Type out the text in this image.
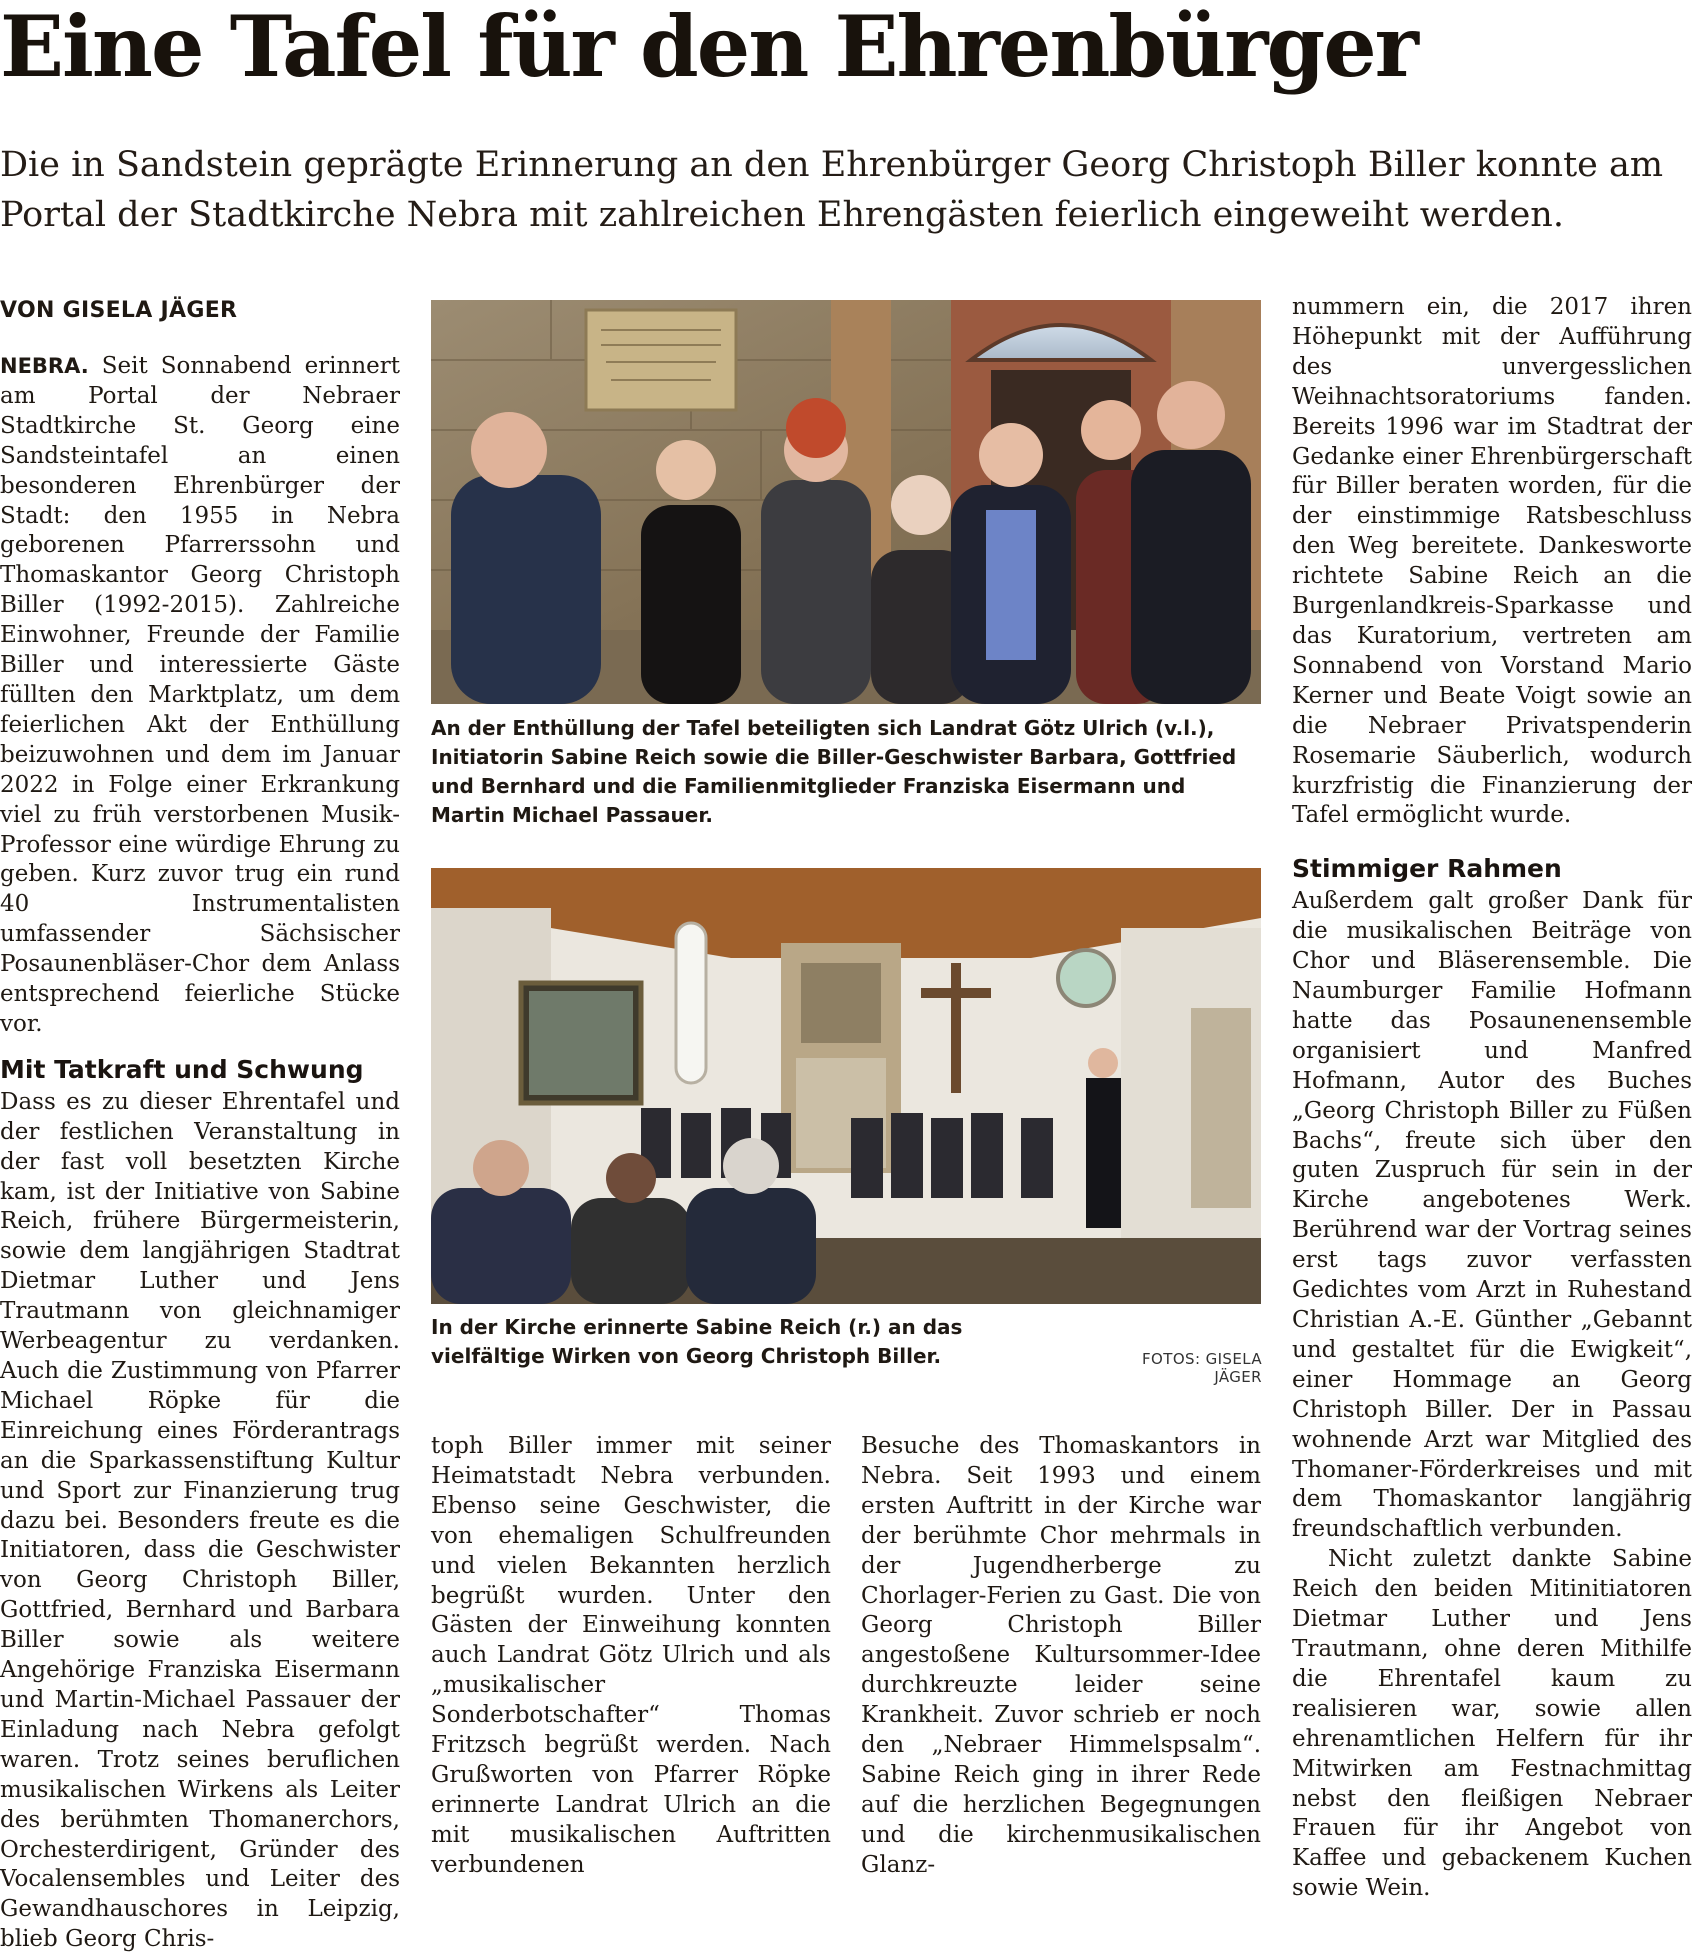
Eine Tafel für den Ehrenbürger

Die in Sandstein geprägte Erinnerung an den Ehrenbürger Georg Christoph Biller konnte am Portal der Stadtkirche Nebra mit zahlreichen Ehrengästen feierlich eingeweiht werden.

VON GISELA JÄGER

NEBRA. Seit Sonnabend erinnert am Portal der Nebraer Stadtkirche St. Georg eine Sandsteintafel an einen besonderen Ehrenbürger der Stadt: den 1955 in Nebra geborenen Pfarrerssohn und Thomaskantor Georg Christoph Biller (1992-2015). Zahlreiche Einwohner, Freunde der Familie Biller und interessierte Gäste füllten den Marktplatz, um dem feierlichen Akt der Enthüllung beizuwohnen und dem im Januar 2022 in Folge einer Erkrankung viel zu früh verstorbenen Musik-Professor eine würdige Ehrung zu geben. Kurz zuvor trug ein rund 40 Instrumentalisten umfassender Sächsischer Posaunenbläser-Chor dem Anlass entsprechend feierliche Stücke vor.

Mit Tatkraft und Schwung

Dass es zu dieser Ehrentafel und der festlichen Veranstaltung in der fast voll besetzten Kirche kam, ist der Initiative von Sabine Reich, frühere Bürgermeisterin, sowie dem langjährigen Stadtrat Dietmar Luther und Jens Trautmann von gleichnamiger Werbeagentur zu verdanken. Auch die Zustimmung von Pfarrer Michael Röpke für die Einreichung eines Förderantrags an die Sparkassenstiftung Kultur und Sport zur Finanzierung trug dazu bei. Besonders freute es die Initiatoren, dass die Geschwister von Georg Christoph Biller, Gottfried, Bernhard und Barbara Biller sowie als weitere Angehörige Franziska Eisermann und Martin-Michael Passauer der Einladung nach Nebra gefolgt waren. Trotz seines beruflichen musikalischen Wirkens als Leiter des berühmten Thomanerchors, Orchesterdirigent, Gründer des Vocalensembles und Leiter des Gewandhauschores in Leipzig, blieb Georg Chris-

An der Enthüllung der Tafel beteiligten sich Landrat Götz Ulrich (v.l.), Initiatorin Sabine Reich sowie die Biller-Geschwister Barbara, Gottfried und Bernhard und die Familienmitglieder Franziska Eisermann und Martin Michael Passauer.

In der Kirche erinnerte Sabine Reich (r.) an das vielfältige Wirken von Georg Christoph Biller.	FOTOS: GISELA JÄGER

toph Biller immer mit seiner Heimatstadt Nebra verbunden. Ebenso seine Geschwister, die von ehemaligen Schulfreunden und vielen Bekannten herzlich begrüßt wurden. Unter den Gästen der Einweihung konnten auch Landrat Götz Ulrich und als „musikalischer Sonderbotschafter“ Thomas Fritzsch begrüßt werden. Nach Grußworten von Pfarrer Röpke erinnerte Landrat Ulrich an die mit musikalischen Auftritten verbundenen

Besuche des Thomaskantors in Nebra. Seit 1993 und einem ersten Auftritt in der Kirche war der berühmte Chor mehrmals in der Jugendherberge zu Chorlager-Ferien zu Gast. Die von Georg Christoph Biller angestoßene Kultursommer-Idee durchkreuzte leider seine Krankheit. Zuvor schrieb er noch den „Nebraer Himmelspsalm“. Sabine Reich ging in ihrer Rede auf die herzlichen Begegnungen und die kirchenmusikalischen Glanz-

nummern ein, die 2017 ihren Höhepunkt mit der Aufführung des unvergesslichen Weihnachtsoratoriums fanden. Bereits 1996 war im Stadtrat der Gedanke einer Ehrenbürgerschaft für Biller beraten worden, für die der einstimmige Ratsbeschluss den Weg bereitete. Dankesworte richtete Sabine Reich an die Burgenlandkreis-Sparkasse und das Kuratorium, vertreten am Sonnabend von Vorstand Mario Kerner und Beate Voigt sowie an die Nebraer Privatspenderin Rosemarie Säuberlich, wodurch kurzfristig die Finanzierung der Tafel ermöglicht wurde.

Stimmiger Rahmen

Außerdem galt großer Dank für die musikalischen Beiträge von Chor und Bläserensemble. Die Naumburger Familie Hofmann hatte das Posaunenensemble organisiert und Manfred Hofmann, Autor des Buches „Georg Christoph Biller zu Füßen Bachs“, freute sich über den guten Zuspruch für sein in der Kirche angebotenes Werk. Berührend war der Vortrag seines erst tags zuvor verfassten Gedichtes vom Arzt in Ruhestand Christian A.-E. Günther „Gebannt und gestaltet für die Ewigkeit“, einer Hommage an Georg Christoph Biller. Der in Passau wohnende Arzt war Mitglied des Thomaner-Förderkreises und mit dem Thomaskantor langjährig freundschaftlich verbunden.

Nicht zuletzt dankte Sabine Reich den beiden Mitinitiatoren Dietmar Luther und Jens Trautmann, ohne deren Mithilfe die Ehrentafel kaum zu realisieren war, sowie allen ehrenamtlichen Helfern für ihr Mitwirken am Festnachmittag nebst den fleißigen Nebraer Frauen für ihr Angebot von Kaffee und gebackenem Kuchen sowie Wein.
